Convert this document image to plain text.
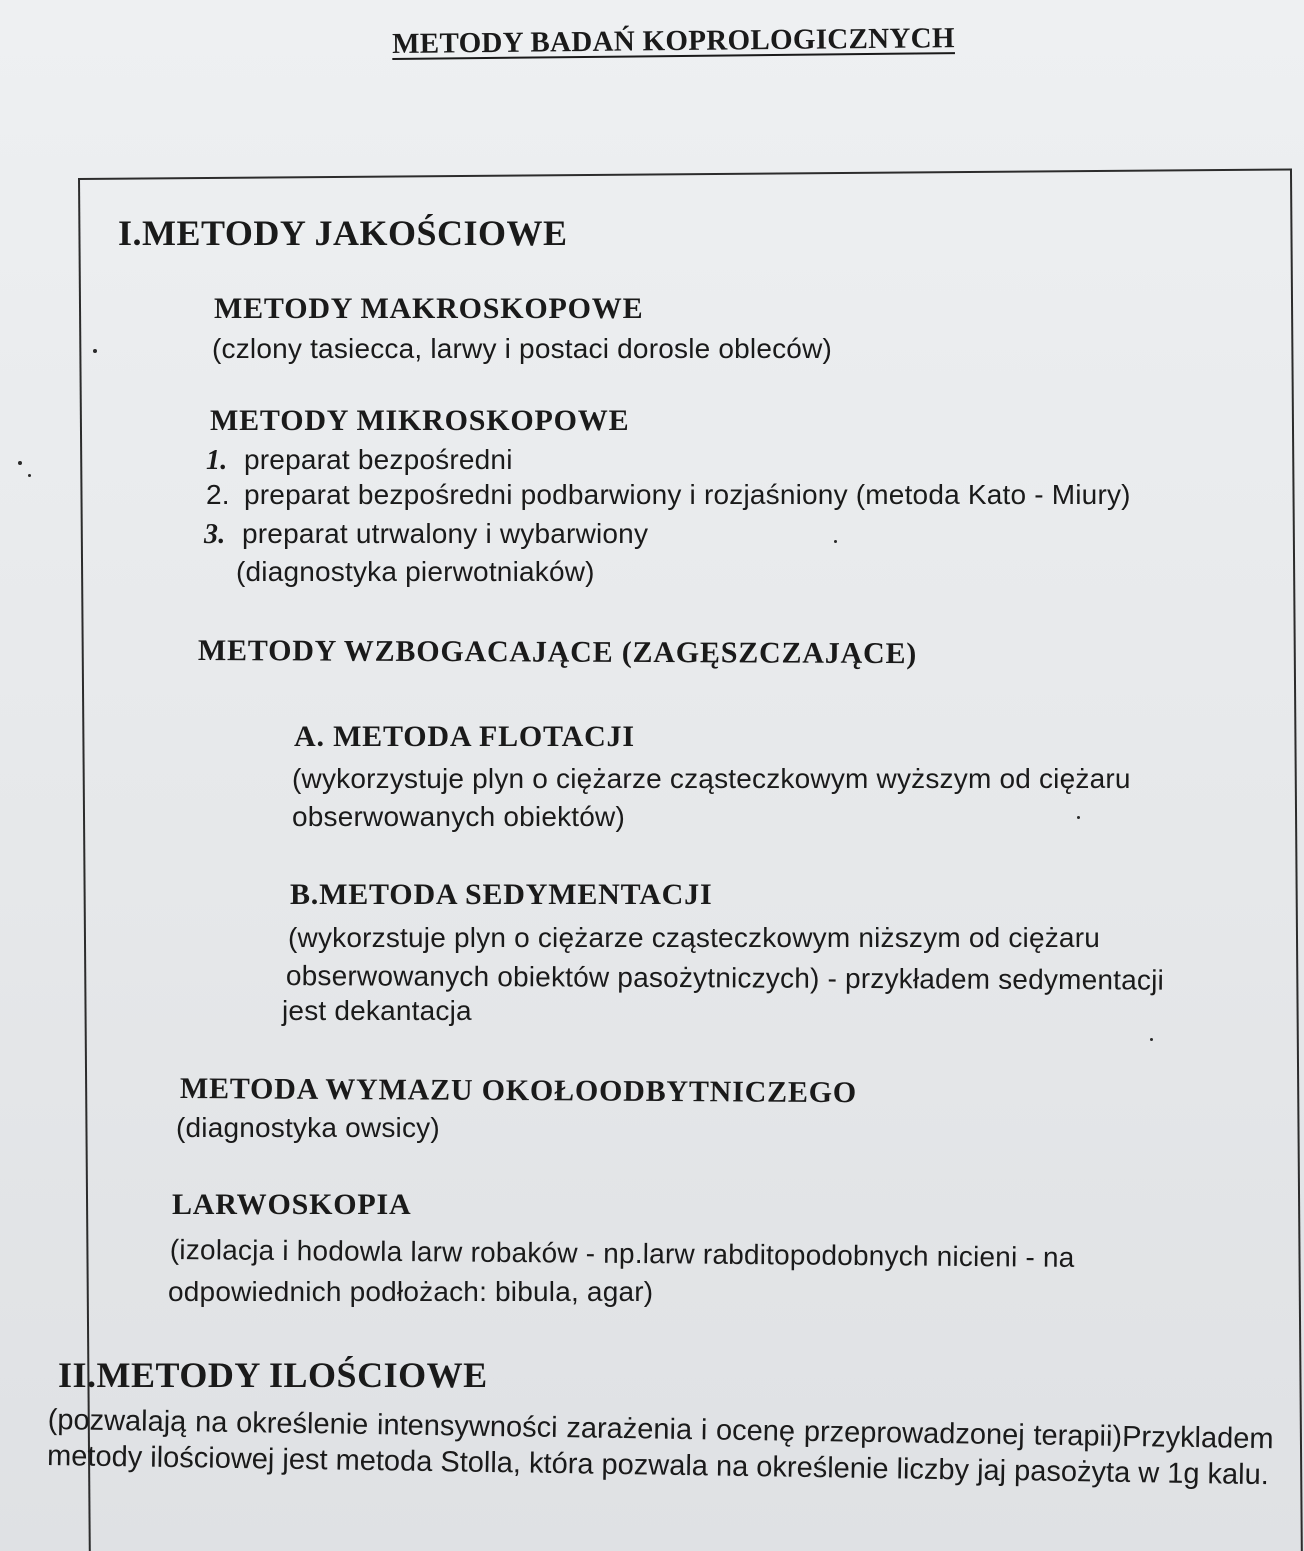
METODY BADAŃ KOPROLOGICZNYCH
I.METODY JAKOŚCIOWE
METODY MAKROSKOPOWE
(czlony tasiecca, larwy i postaci dorosle obleców)
METODY MIKROSKOPOWE
1. preparat bezpośredni
2. preparat bezpośredni podbarwiony i rozjaśniony (metoda Kato - Miury)
3. preparat utrwalony i wybarwiony
(diagnostyka pierwotniaków)
METODY WZBOGACAJĄCE (ZAGĘSZCZAJĄCE)
A. METODA FLOTACJI
(wykorzystuje plyn o ciężarze cząsteczkowym wyższym od ciężaru
obserwowanych obiektów)
B.METODA SEDYMENTACJI
(wykorzstuje plyn o ciężarze cząsteczkowym niższym od ciężaru
obserwowanych obiektów pasożytniczych) - przykładem sedymentacji
jest dekantacja
METODA WYMAZU OKOŁOODBYTNICZEGO
(diagnostyka owsicy)
LARWOSKOPIA
(izolacja i hodowla larw robaków - np.larw rabditopodobnych nicieni - na
odpowiednich podłożach: bibula, agar)
II.METODY ILOŚCIOWE
(pozwalają na określenie intensywności zarażenia i ocenę przeprowadzonej terapii)Przykladem metody ilościowej jest metoda Stolla, która pozwala na określenie liczby jaj pasożyta w 1g kalu.
